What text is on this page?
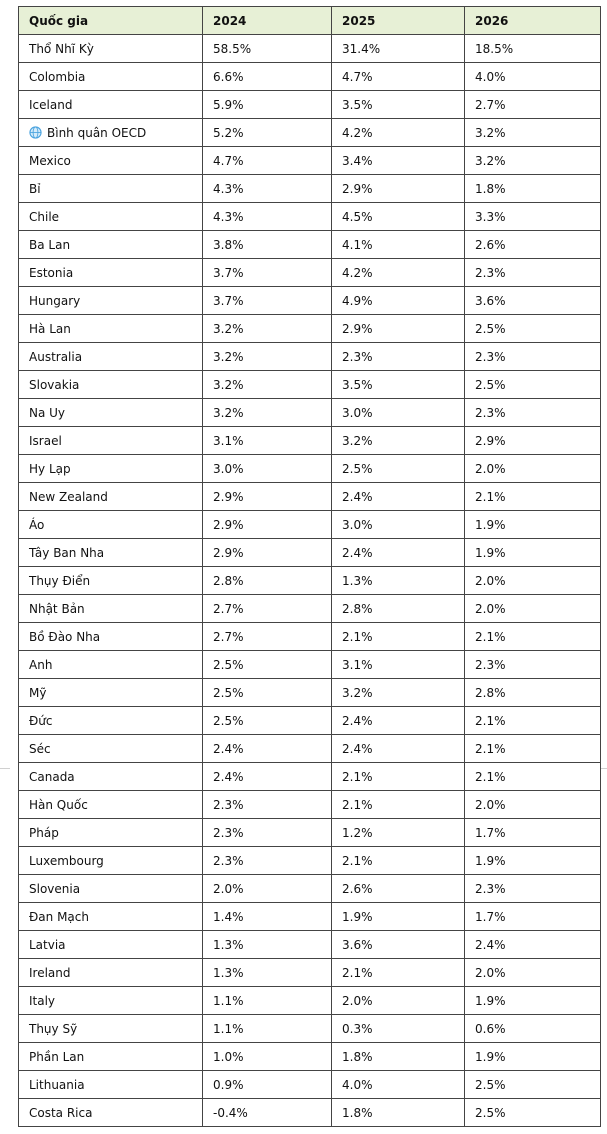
Quốc gia	2024	2025	2026
Thổ Nhĩ Kỳ	58.5%	31.4%	18.5%
Colombia	6.6%	4.7%	4.0%
Iceland	5.9%	3.5%	2.7%
Bình quân OECD	5.2%	4.2%	3.2%
Mexico	4.7%	3.4%	3.2%
Bỉ	4.3%	2.9%	1.8%
Chile	4.3%	4.5%	3.3%
Ba Lan	3.8%	4.1%	2.6%
Estonia	3.7%	4.2%	2.3%
Hungary	3.7%	4.9%	3.6%
Hà Lan	3.2%	2.9%	2.5%
Australia	3.2%	2.3%	2.3%
Slovakia	3.2%	3.5%	2.5%
Na Uy	3.2%	3.0%	2.3%
Israel	3.1%	3.2%	2.9%
Hy Lạp	3.0%	2.5%	2.0%
New Zealand	2.9%	2.4%	2.1%
Áo	2.9%	3.0%	1.9%
Tây Ban Nha	2.9%	2.4%	1.9%
Thụy Điển	2.8%	1.3%	2.0%
Nhật Bản	2.7%	2.8%	2.0%
Bồ Đào Nha	2.7%	2.1%	2.1%
Anh	2.5%	3.1%	2.3%
Mỹ	2.5%	3.2%	2.8%
Đức	2.5%	2.4%	2.1%
Séc	2.4%	2.4%	2.1%
Canada	2.4%	2.1%	2.1%
Hàn Quốc	2.3%	2.1%	2.0%
Pháp	2.3%	1.2%	1.7%
Luxembourg	2.3%	2.1%	1.9%
Slovenia	2.0%	2.6%	2.3%
Đan Mạch	1.4%	1.9%	1.7%
Latvia	1.3%	3.6%	2.4%
Ireland	1.3%	2.1%	2.0%
Italy	1.1%	2.0%	1.9%
Thụy Sỹ	1.1%	0.3%	0.6%
Phần Lan	1.0%	1.8%	1.9%
Lithuania	0.9%	4.0%	2.5%
Costa Rica	-0.4%	1.8%	2.5%
